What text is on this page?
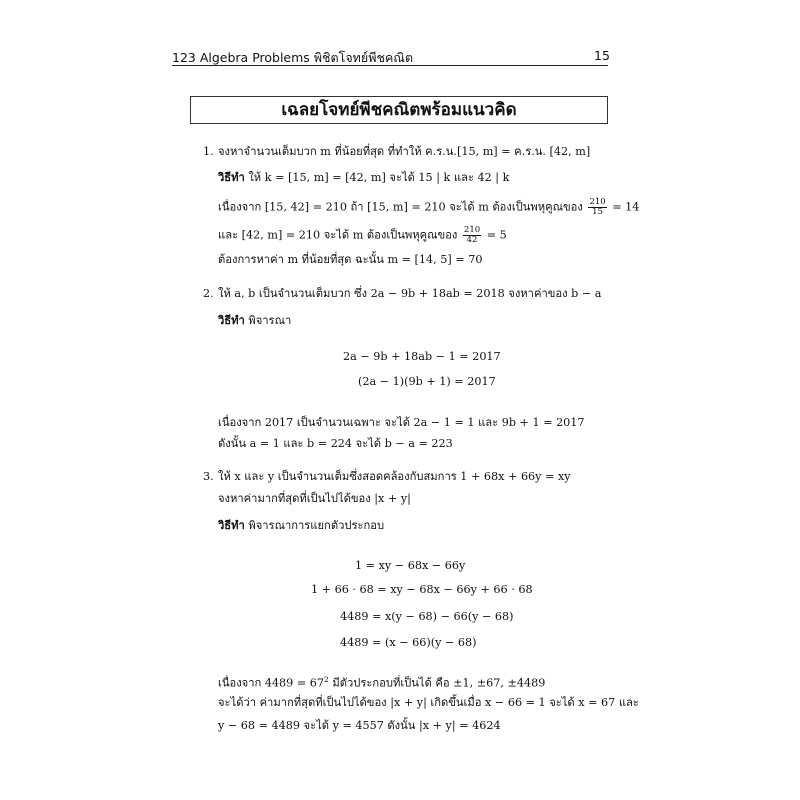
123 Algebra Problems พิชิตโจทย์พีชคณิต	15
เฉลยโจทย์พีชคณิตพร้อมแนวคิด
1. จงหาจำนวนเต็มบวก m ที่น้อยที่สุด ที่ทำให้ ค.ร.น.[15, m] = ค.ร.น. [42, m]
วิธีทำ ให้ k = [15, m] = [42, m] จะได้ 15 | k และ 42 | k
เนื่องจาก [15, 42] = 210 ถ้า [15, m] = 210 จะได้ m ต้องเป็นพหุคูณของ $\frac{210}{15} = 14$
และ [42, m] = 210 จะได้ m ต้องเป็นพหุคูณของ $\frac{210}{42} = 5$
ต้องการหาค่า m ที่น้อยที่สุด ฉะนั้น m = [14, 5] = 70
2. ให้ a, b เป็นจำนวนเต็มบวก ซึ่ง 2a − 9b + 18ab = 2018 จงหาค่าของ b − a
วิธีทำ พิจารณา
2a − 9b + 18ab − 1 = 2017
(2a − 1)(9b + 1) = 2017
เนื่องจาก 2017 เป็นจำนวนเฉพาะ จะได้ 2a − 1 = 1 และ 9b + 1 = 2017
ดังนั้น a = 1 และ b = 224 จะได้ b − a = 223
3. ให้ x และ y เป็นจำนวนเต็มซึ่งสอดคล้องกับสมการ 1 + 68x + 66y = xy
จงหาค่ามากที่สุดที่เป็นไปได้ของ |x + y|
วิธีทำ พิจารณาการแยกตัวประกอบ
1 = xy − 68x − 66y
1 + 66 · 68 = xy − 68x − 66y + 66 · 68
4489 = x(y − 68) − 66(y − 68)
4489 = (x − 66)(y − 68)
เนื่องจาก $4489 = 67^2$ มีตัวประกอบที่เป็นได้ คือ ±1, ±67, ±4489
จะได้ว่า ค่ามากที่สุดที่เป็นไปได้ของ |x + y| เกิดขึ้นเมื่อ x − 66 = 1 จะได้ x = 67 และ
y − 68 = 4489 จะได้ y = 4557 ดังนั้น |x + y| = 4624
